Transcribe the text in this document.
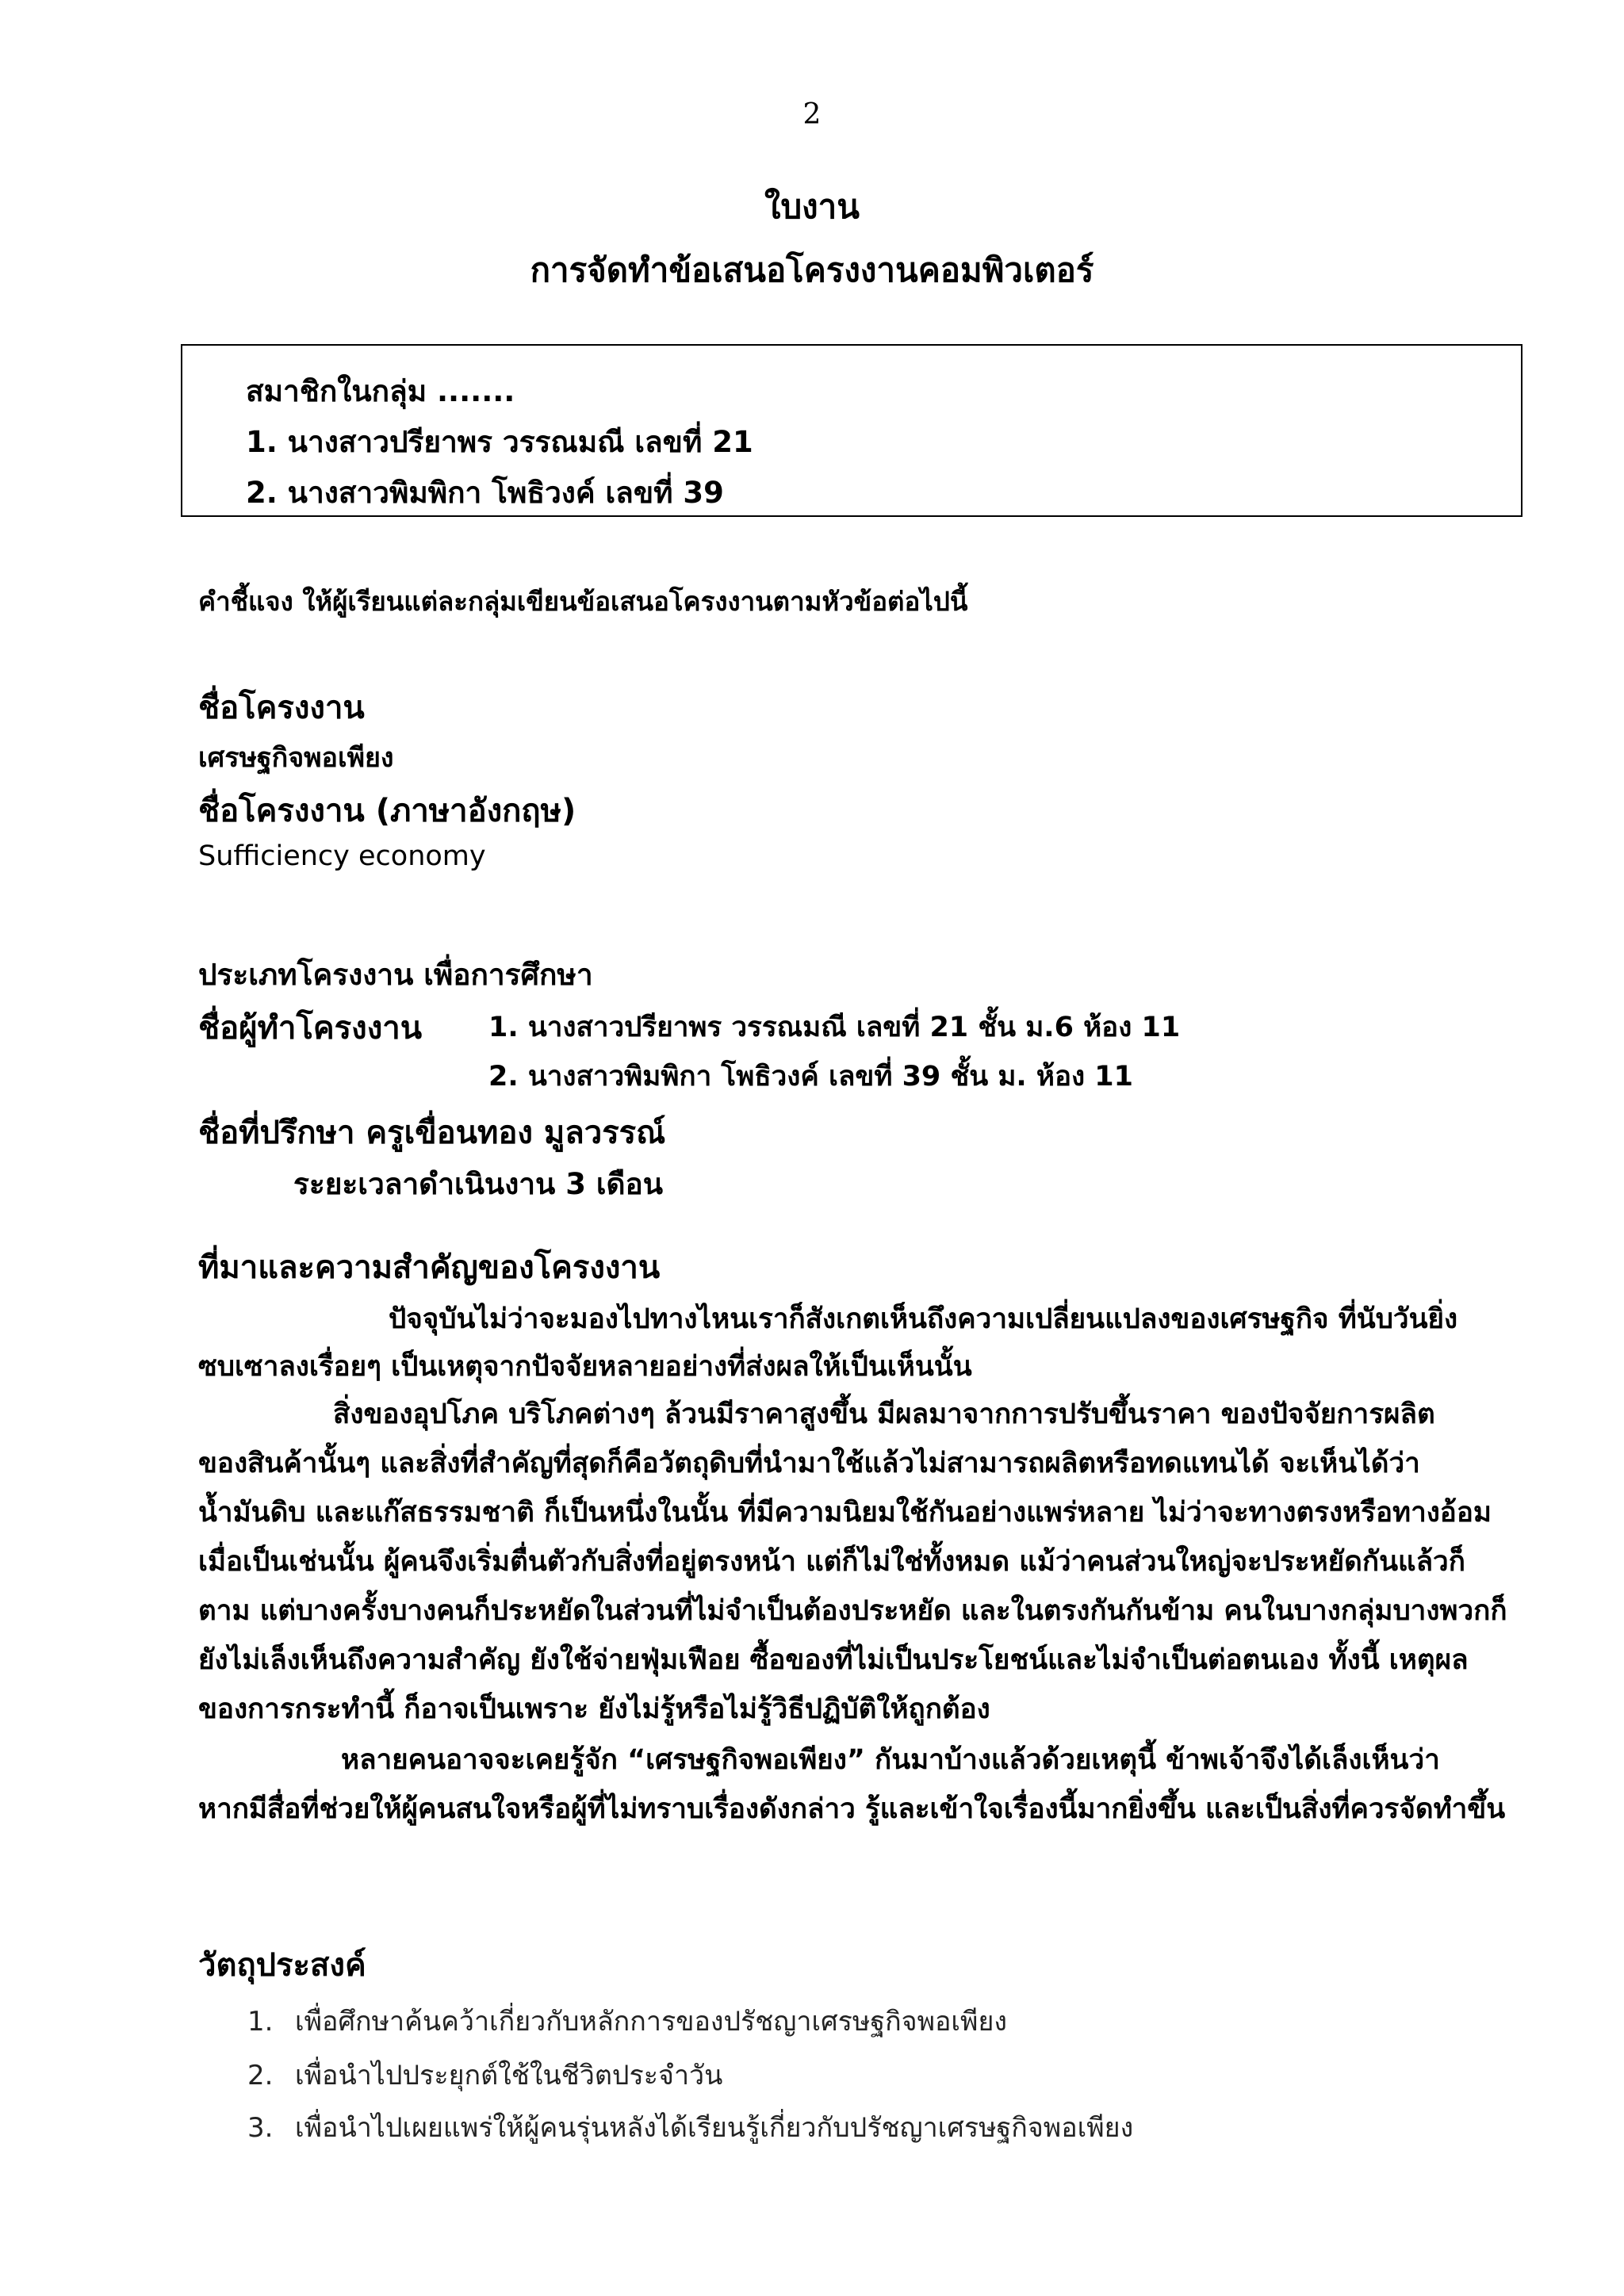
2
ใบงาน
การจัดทำข้อเสนอโครงงานคอมพิวเตอร์
สมาชิกในกลุ่ม .......
1. นางสาวปรียาพร วรรณมณี เลขที่ 21
2. นางสาวพิมพิกา โพธิวงค์ เลขที่ 39
คำชี้แจง ให้ผู้เรียนแต่ละกลุ่มเขียนข้อเสนอโครงงานตามหัวข้อต่อไปนี้
ชื่อโครงงาน
เศรษฐกิจพอเพียง
ชื่อโครงงาน (ภาษาอังกฤษ)
Sufficiency economy
ประเภทโครงงาน เพื่อการศึกษา
ชื่อผู้ทำโครงงาน 1. นางสาวปรียาพร วรรณมณี เลขที่ 21 ชั้น ม.6 ห้อง 11
2. นางสาวพิมพิกา โพธิวงค์ เลขที่ 39 ชั้น ม. ห้อง 11
ชื่อที่ปรึกษา ครูเขื่อนทอง มูลวรรณ์
ระยะเวลาดำเนินงาน 3 เดือน
ที่มาและความสำคัญของโครงงาน
ปัจจุบันไม่ว่าจะมองไปทางไหนเราก็สังเกตเห็นถึงความเปลี่ยนแปลงของเศรษฐกิจ ที่นับวันยิ่ง
ซบเซาลงเรื่อยๆ เป็นเหตุจากปัจจัยหลายอย่างที่ส่งผลให้เป็นเห็นนั้น
สิ่งของอุปโภค บริโภคต่างๆ ล้วนมีราคาสูงขึ้น มีผลมาจากการปรับขึ้นราคา ของปัจจัยการผลิต
ของสินค้านั้นๆ และสิ่งที่สำคัญที่สุดก็คือวัตถุดิบที่นำมาใช้แล้วไม่สามารถผลิตหรือทดแทนได้ จะเห็นได้ว่า
น้ำมันดิบ และแก๊สธรรมชาติ ก็เป็นหนึ่งในนั้น ที่มีความนิยมใช้กันอย่างแพร่หลาย ไม่ว่าจะทางตรงหรือทางอ้อม
เมื่อเป็นเช่นนั้น ผู้คนจึงเริ่มตื่นตัวกับสิ่งที่อยู่ตรงหน้า แต่ก็ไม่ใช่ทั้งหมด แม้ว่าคนส่วนใหญ่จะประหยัดกันแล้วก็
ตาม แต่บางครั้งบางคนก็ประหยัดในส่วนที่ไม่จำเป็นต้องประหยัด และในตรงกันกันข้าม คนในบางกลุ่มบางพวกก็
ยังไม่เล็งเห็นถึงความสำคัญ ยังใช้จ่ายฟุ่มเฟือย ซื้อของที่ไม่เป็นประโยชน์และไม่จำเป็นต่อตนเอง ทั้งนี้ เหตุผล
ของการกระทำนี้ ก็อาจเป็นเพราะ ยังไม่รู้หรือไม่รู้วิธีปฏิบัติให้ถูกต้อง
หลายคนอาจจะเคยรู้จัก “เศรษฐกิจพอเพียง” กันมาบ้างแล้วด้วยเหตุนี้ ข้าพเจ้าจึงได้เล็งเห็นว่า
หากมีสื่อที่ช่วยให้ผู้คนสนใจหรือผู้ที่ไม่ทราบเรื่องดังกล่าว รู้และเข้าใจเรื่องนี้มากยิ่งขึ้น และเป็นสิ่งที่ควรจัดทำขึ้น
วัตถุประสงค์
1. เพื่อศึกษาค้นคว้าเกี่ยวกับหลักการของปรัชญาเศรษฐกิจพอเพียง
2. เพื่อนำไปประยุกต์ใช้ในชีวิตประจำวัน
3. เพื่อนำไปเผยแพร่ให้ผู้คนรุ่นหลังได้เรียนรู้เกี่ยวกับปรัชญาเศรษฐกิจพอเพียง
